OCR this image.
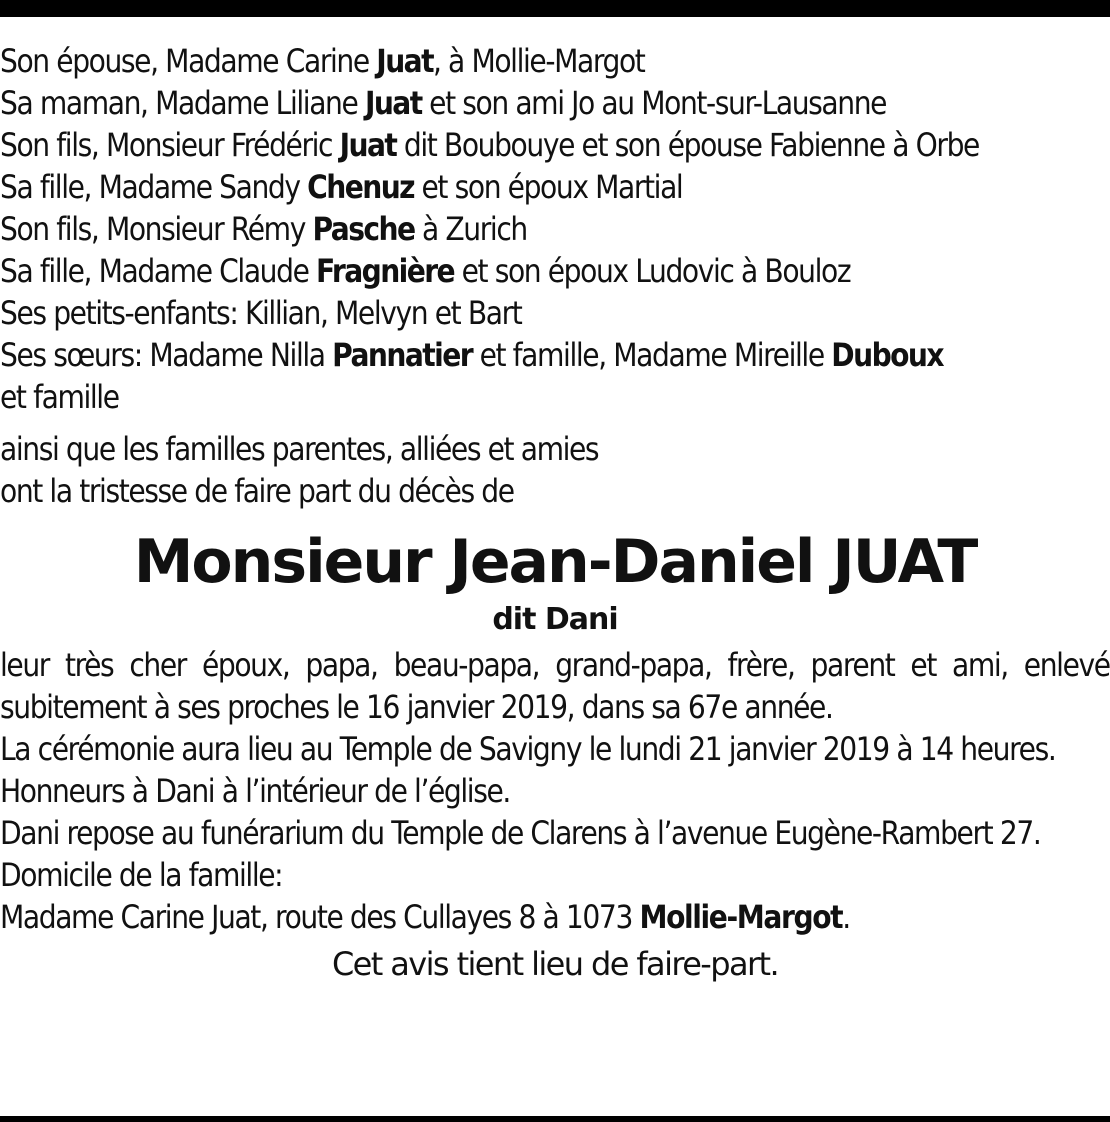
Son épouse, Madame Carine Juat, à Mollie-Margot
Sa maman, Madame Liliane Juat et son ami Jo au Mont-sur-Lausanne
Son fils, Monsieur Frédéric Juat dit Boubouye et son épouse Fabienne à Orbe
Sa fille, Madame Sandy Chenuz et son époux Martial
Son fils, Monsieur Rémy Pasche à Zurich
Sa fille, Madame Claude Fragnière et son époux Ludovic à Bouloz
Ses petits-enfants: Killian, Melvyn et Bart
Ses sœurs: Madame Nilla Pannatier et famille, Madame Mireille Duboux
et famille
ainsi que les familles parentes, alliées et amies
ont la tristesse de faire part du décès de
Monsieur Jean-Daniel JUAT
dit Dani
leur très cher époux, papa, beau-papa, grand-papa, frère, parent et ami, enlevé subitement à ses proches le 16 janvier 2019, dans sa 67e année.
La cérémonie aura lieu au Temple de Savigny le lundi 21 janvier 2019 à 14 heures.
Honneurs à Dani à l’intérieur de l’église.
Dani repose au funérarium du Temple de Clarens à l’avenue Eugène-Rambert 27.
Domicile de la famille:
Madame Carine Juat, route des Cullayes 8 à 1073 Mollie-Margot.
Cet avis tient lieu de faire-part.
